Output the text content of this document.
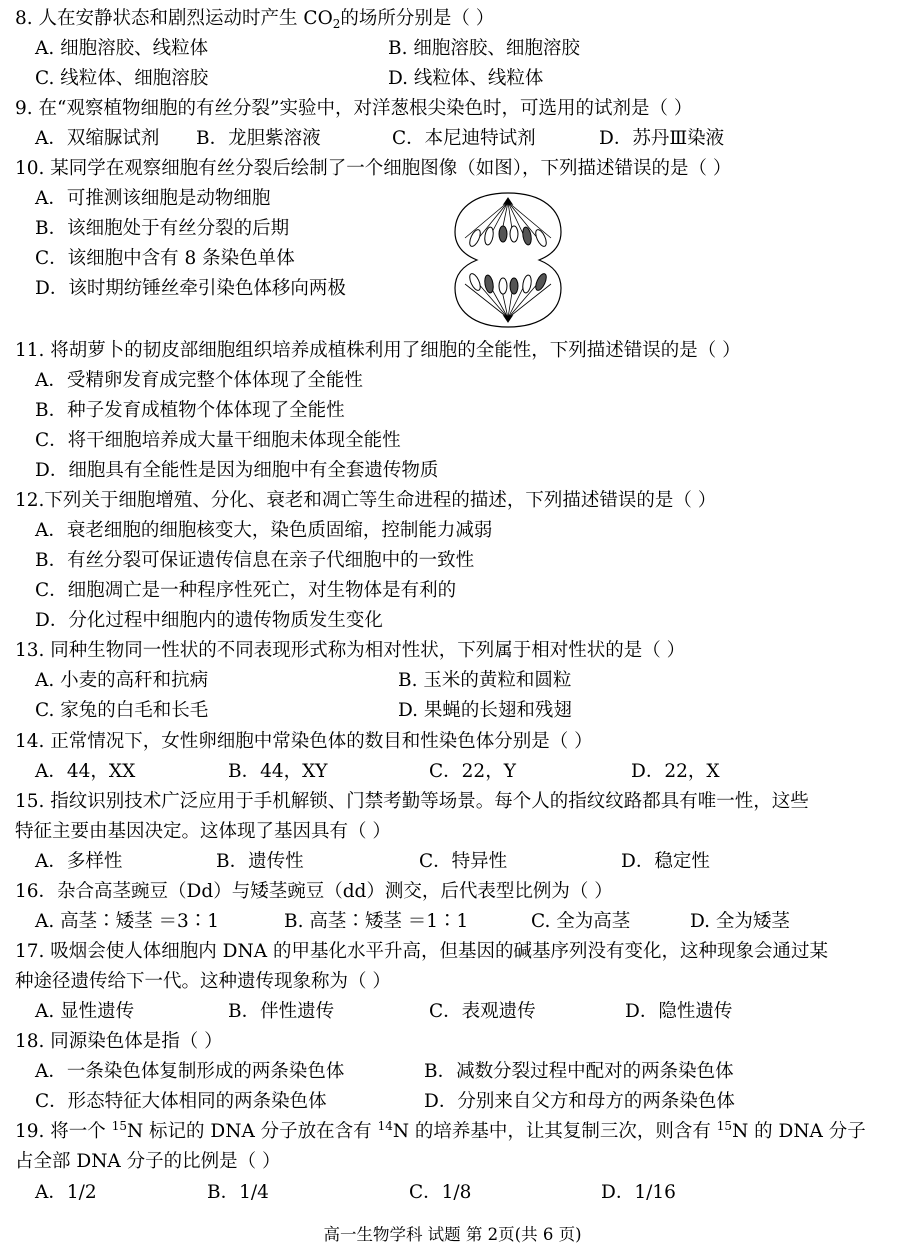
8. 人在安静状态和剧烈运动时产生 $CO_2$的场所分别是（ ）
A. 细胞溶胶、线粒体	B. 细胞溶胶、细胞溶胶
C. 线粒体、细胞溶胶	D. 线粒体、线粒体
9. 在“观察植物细胞的有丝分裂”实验中，对洋葱根尖染色时，可选用的试剂是（ ）
A．双缩脲试剂 B．龙胆紫溶液	C．本尼迪特试剂	D．苏丹Ⅲ染液
10. 某同学在观察细胞有丝分裂后绘制了一个细胞图像（如图），下列描述错误的是（ ）
A．可推测该细胞是动物细胞
B．该细胞处于有丝分裂的后期
C．该细胞中含有 8 条染色单体
D．该时期纺锤丝牵引染色体移向两极
11. 将胡萝卜的韧皮部细胞组织培养成植株利用了细胞的全能性，下列描述错误的是（ ）
A．受精卵发育成完整个体体现了全能性
B．种子发育成植物个体体现了全能性
C．将干细胞培养成大量干细胞未体现全能性
D．细胞具有全能性是因为细胞中有全套遗传物质
12.下列关于细胞增殖、分化、衰老和凋亡等生命进程的描述，下列描述错误的是（ ）
A．衰老细胞的细胞核变大，染色质固缩，控制能力减弱
B．有丝分裂可保证遗传信息在亲子代细胞中的一致性
C．细胞凋亡是一种程序性死亡，对生物体是有利的
D．分化过程中细胞内的遗传物质发生变化
13. 同种生物同一性状的不同表现形式称为相对性状，下列属于相对性状的是（ ）
A. 小麦的高秆和抗病	B. 玉米的黄粒和圆粒
C. 家兔的白毛和长毛	D. 果蝇的长翅和残翅
14. 正常情况下，女性卵细胞中常染色体的数目和性染色体分别是（ ）
A．44，XX	B．44，XY	C．22，Y	D．22，X
15. 指纹识别技术广泛应用于手机解锁、门禁考勤等场景。每个人的指纹纹路都具有唯一性，这些
特征主要由基因决定。这体现了基因具有（ ）
A．多样性	B．遗传性	C．特异性	D．稳定性
16．杂合高茎豌豆（Dd）与矮茎豌豆（dd）测交，后代表型比例为（ ）
A. 高茎∶矮茎 ＝3∶1	B. 高茎∶矮茎 ＝1∶1	C. 全为高茎	D. 全为矮茎
17. 吸烟会使人体细胞内 DNA 的甲基化水平升高，但基因的碱基序列没有变化，这种现象会通过某
种途径遗传给下一代。这种遗传现象称为（ ）
A. 显性遗传	B．伴性遗传	C．表观遗传	D．隐性遗传
18. 同源染色体是指（ ）
A．一条染色体复制形成的两条染色体	B．减数分裂过程中配对的两条染色体
C．形态特征大体相同的两条染色体	D．分别来自父方和母方的两条染色体
19. 将一个 $^{15}$N 标记的 DNA 分子放在含有 $^{14}$N 的培养基中，让其复制三次，则含有 $^{15}$N 的 DNA 分子
占全部 DNA 分子的比例是（ ）
A．1/2	B．1/4	C．1/8	D．1/16
高一生物学科 试题 第 2页(共 6 页)
